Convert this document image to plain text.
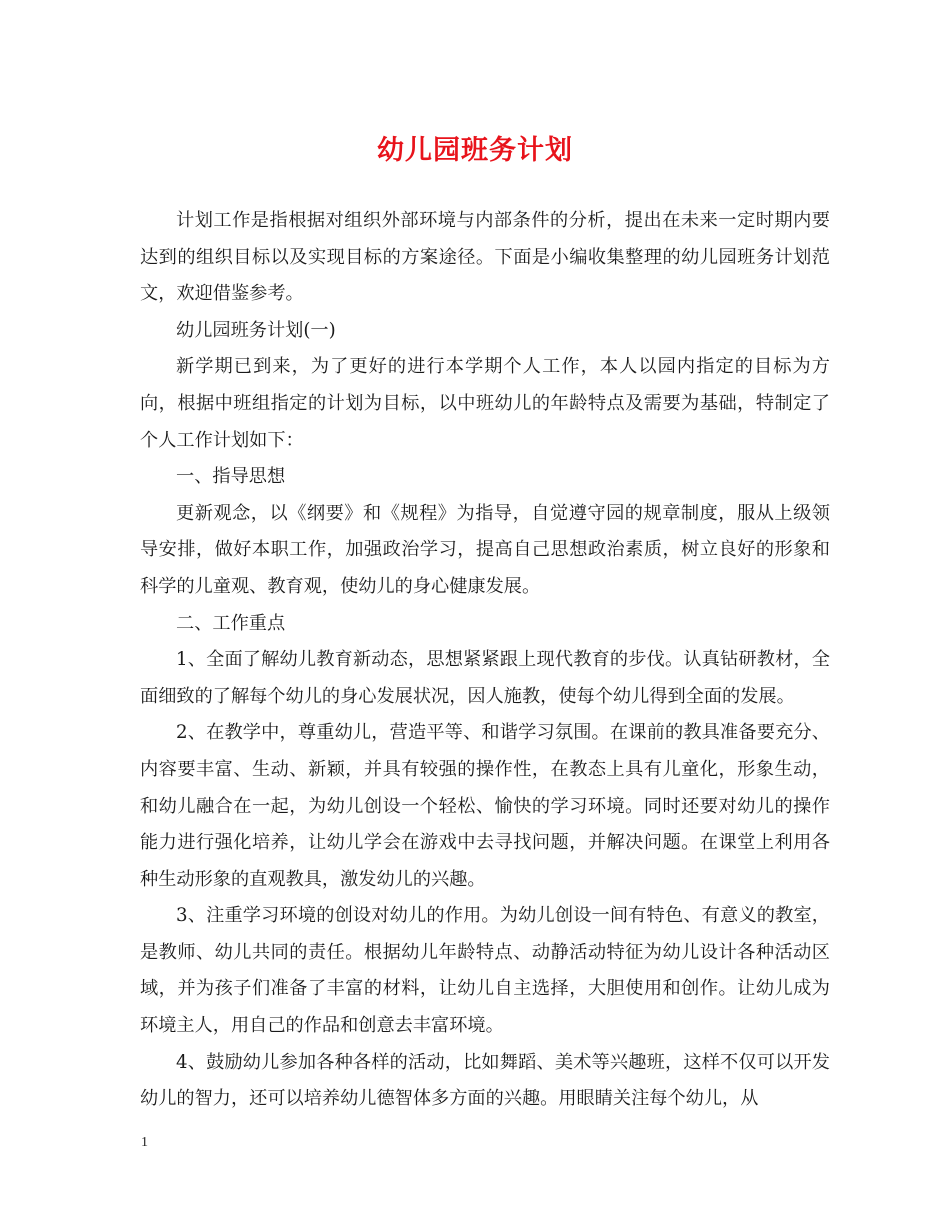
幼儿园班务计划

计划工作是指根据对组织外部环境与内部条件的分析，提出在未来一定时期内要达到的组织目标以及实现目标的方案途径。下面是小编收集整理的幼儿园班务计划范文，欢迎借鉴参考。

幼儿园班务计划(一)

新学期已到来，为了更好的进行本学期个人工作，本人以园内指定的目标为方向，根据中班组指定的计划为目标，以中班幼儿的年龄特点及需要为基础，特制定了个人工作计划如下：

一、指导思想

更新观念，以《纲要》和《规程》为指导，自觉遵守园的规章制度，服从上级领导安排，做好本职工作，加强政治学习，提高自己思想政治素质，树立良好的形象和科学的儿童观、教育观，使幼儿的身心健康发展。

二、工作重点

1、全面了解幼儿教育新动态，思想紧紧跟上现代教育的步伐。认真钻研教材，全面细致的了解每个幼儿的身心发展状况，因人施教，使每个幼儿得到全面的发展。

2、在教学中，尊重幼儿，营造平等、和谐学习氛围。在课前的教具准备要充分、内容要丰富、生动、新颖，并具有较强的操作性，在教态上具有儿童化，形象生动，和幼儿融合在一起，为幼儿创设一个轻松、愉快的学习环境。同时还要对幼儿的操作能力进行强化培养，让幼儿学会在游戏中去寻找问题，并解决问题。在课堂上利用各种生动形象的直观教具，激发幼儿的兴趣。

3、注重学习环境的创设对幼儿的作用。为幼儿创设一间有特色、有意义的教室，是教师、幼儿共同的责任。根据幼儿年龄特点、动静活动特征为幼儿设计各种活动区域，并为孩子们准备了丰富的材料，让幼儿自主选择，大胆使用和创作。让幼儿成为环境主人，用自己的作品和创意去丰富环境。

4、鼓励幼儿参加各种各样的活动，比如舞蹈、美术等兴趣班，这样不仅可以开发幼儿的智力，还可以培养幼儿德智体多方面的兴趣。用眼睛关注每个幼儿，从

1
